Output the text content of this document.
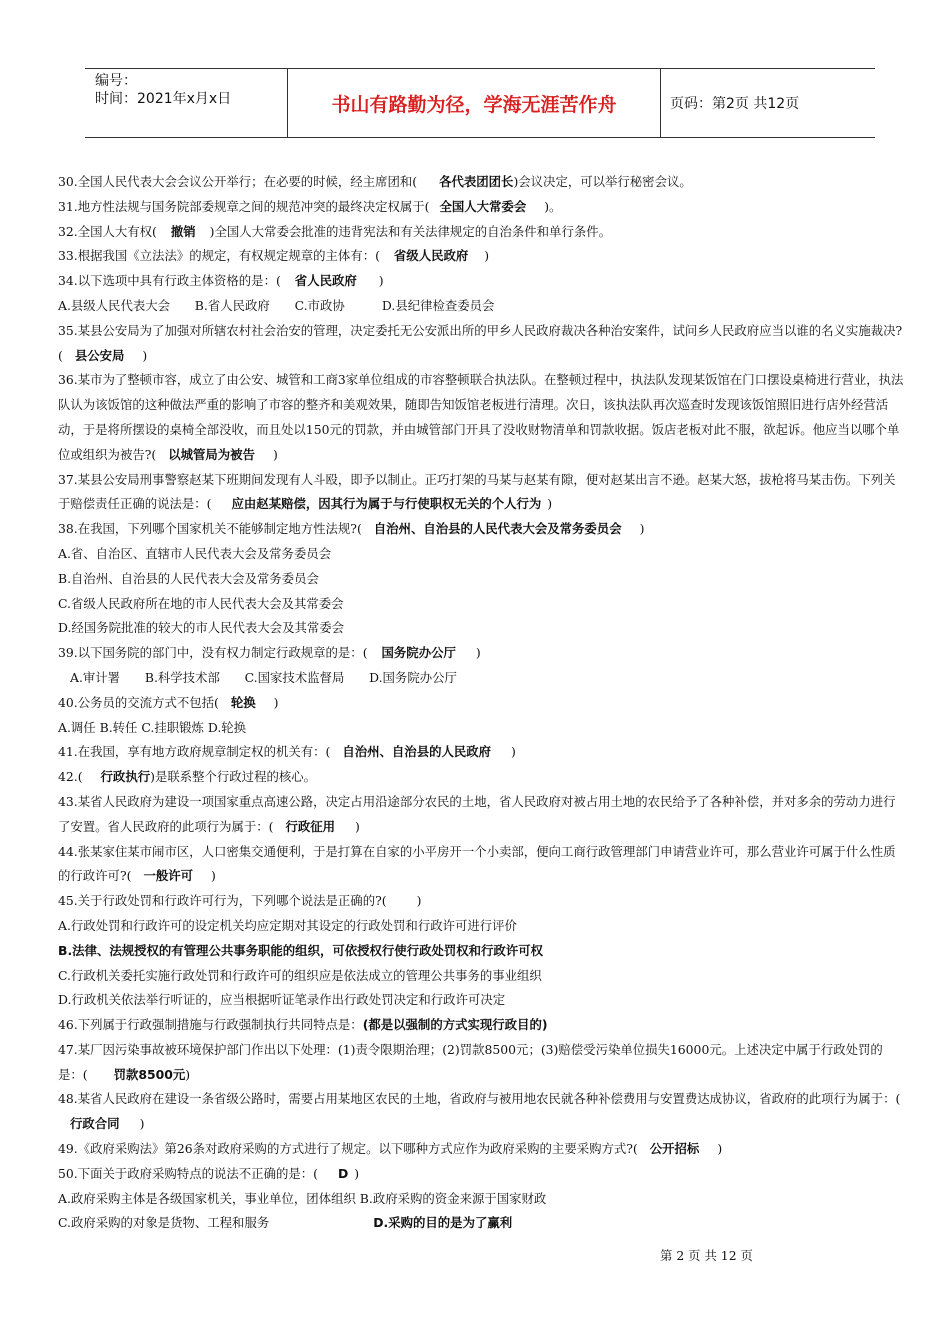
编号：
时间：2021年x月x日	书山有路勤为径，学海无涯苦作舟	页码：第2页 共12页
30.全国人民代表大会会议公开举行；在必要的时候，经主席团和( 各代表团团长)会议决定，可以举行秘密会议。
31.地方性法规与国务院部委规章之间的规范冲突的最终决定权属于( 全国人大常委会 )。
32.全国人大有权( 撤销 )全国人大常委会批准的违背宪法和有关法律规定的自治条件和单行条件。
33.根据我国《立法法》的规定，有权规定规章的主体有：( 省级人民政府 )
34.以下选项中具有行政主体资格的是：( 省人民政府 )
A.县级人民代表大会　　B.省人民政府　　C.市政协　　　D.县纪律检查委员会
35.某县公安局为了加强对所辖农村社会治安的管理，决定委托无公安派出所的甲乡人民政府裁决各种治安案件，试问乡人民政府应当以谁的名义实施裁决?( 县公安局 )
36.某市为了整顿市容，成立了由公安、城管和工商3家单位组成的市容整顿联合执法队。在整顿过程中，执法队发现某饭馆在门口摆设桌椅进行营业，执法队认为该饭馆的这种做法严重的影响了市容的整齐和美观效果，随即告知饭馆老板进行清理。次日，该执法队再次巡查时发现该饭馆照旧进行店外经营活动，于是将所摆设的桌椅全部没收，而且处以150元的罚款，并由城管部门开具了没收财物清单和罚款收据。饭店老板对此不服，欲起诉。他应当以哪个单位或组织为被告?( 以城管局为被告 )
37.某县公安局刑事警察赵某下班期间发现有人斗殴，即予以制止。正巧打架的马某与赵某有隙，便对赵某出言不逊。赵某大怒，拔枪将马某击伤。下列关于赔偿责任正确的说法是：( 应由赵某赔偿，因其行为属于与行使职权无关的个人行为 )
38.在我国，下列哪个国家机关不能够制定地方性法规?( 自治州、自治县的人民代表大会及常务委员会 )
A.省、自治区、直辖市人民代表大会及常务委员会
B.自治州、自治县的人民代表大会及常务委员会
C.省级人民政府所在地的市人民代表大会及其常委会
D.经国务院批准的较大的市人民代表大会及其常委会
39.以下国务院的部门中，没有权力制定行政规章的是：( 国务院办公厅 )
A.审计署　　B.科学技术部　　C.国家技术监督局　　D.国务院办公厅
40.公务员的交流方式不包括( 轮换 )
A.调任 B.转任 C.挂职锻炼 D.轮换
41.在我国，享有地方政府规章制定权的机关有：( 自治州、自治县的人民政府 )
42.( 行政执行)是联系整个行政过程的核心。
43.某省人民政府为建设一项国家重点高速公路，决定占用沿途部分农民的土地，省人民政府对被占用土地的农民给予了各种补偿，并对多余的劳动力进行了安置。省人民政府的此项行为属于：( 行政征用 )
44.张某家住某市闹市区，人口密集交通便利，于是打算在自家的小平房开一个小卖部，便向工商行政管理部门申请营业许可，那么营业许可属于什么性质的行政许可?( 一般许可 )
45.关于行政处罚和行政许可行为，下列哪个说法是正确的?( )
A.行政处罚和行政许可的设定机关均应定期对其设定的行政处罚和行政许可进行评价
B.法律、法规授权的有管理公共事务职能的组织，可依授权行使行政处罚权和行政许可权
C.行政机关委托实施行政处罚和行政许可的组织应是依法成立的管理公共事务的事业组织
D.行政机关依法举行听证的，应当根据听证笔录作出行政处罚决定和行政许可决定
46.下列属于行政强制措施与行政强制执行共同特点是：(都是以强制的方式实现行政目的)
47.某厂因污染事故被环境保护部门作出以下处理：(1)责令限期治理；(2)罚款8500元；(3)赔偿受污染单位损失16000元。上述决定中属于行政处罚的是：( 罚款8500元)
48.某省人民政府在建设一条省级公路时，需要占用某地区农民的土地，省政府与被用地农民就各种补偿费用与安置费达成协议，省政府的此项行为属于：(行政合同 )
49.《政府采购法》第26条对政府采购的方式进行了规定。以下哪种方式应作为政府采购的主要采购方式?( 公开招标 )
50.下面关于政府采购特点的说法不正确的是：( D )
A.政府采购主体是各级国家机关，事业单位，团体组织 B.政府采购的资金来源于国家财政
C.政府采购的对象是货物、工程和服务	D.采购的目的是为了赢利
第 2 页 共 12 页
